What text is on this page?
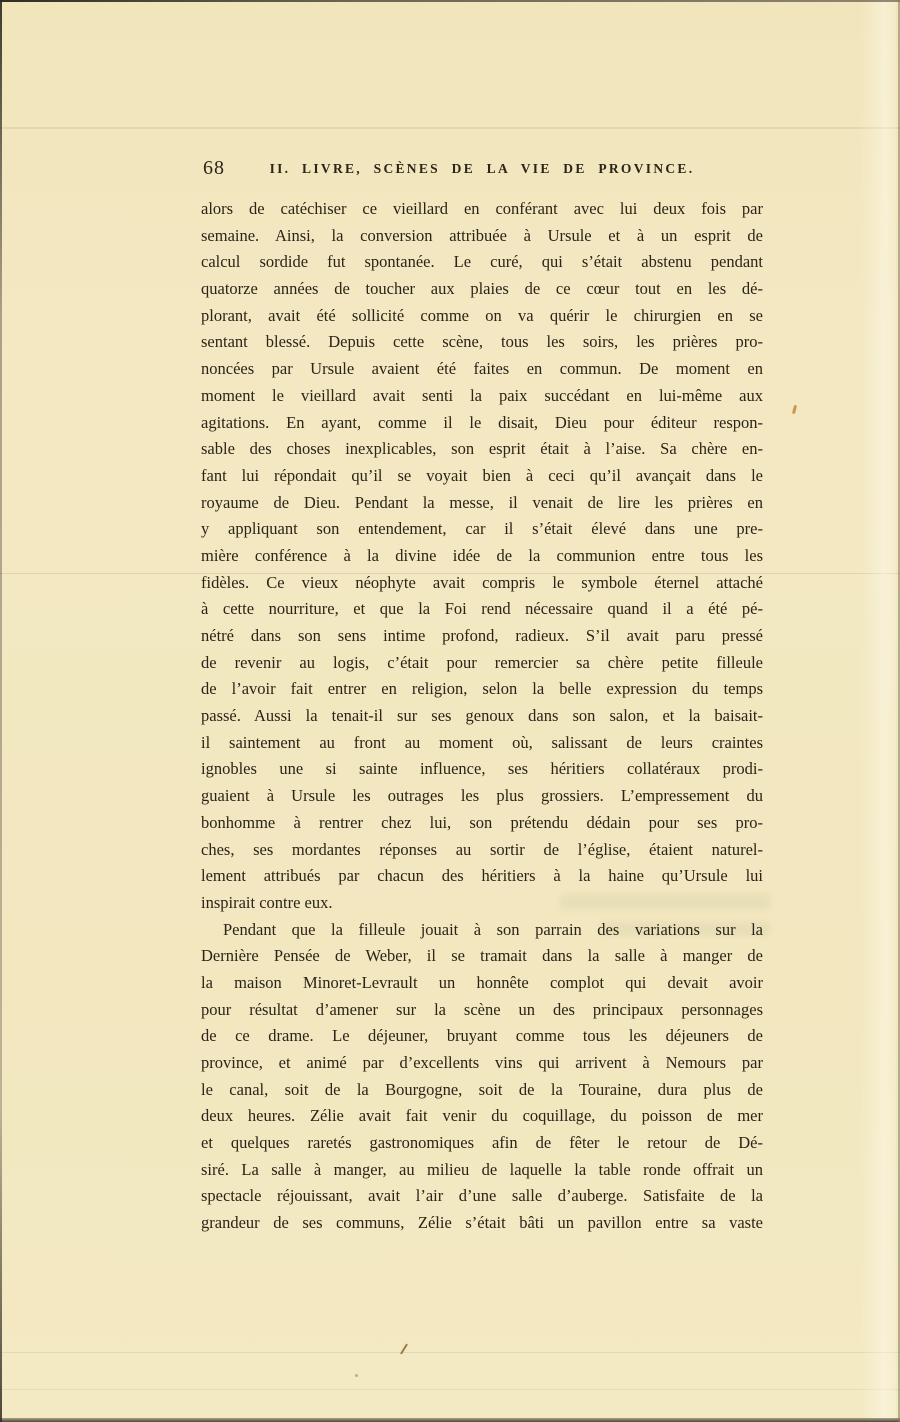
68	II. LIVRE, SCÈNES DE LA VIE DE PROVINCE.
alors de catéchiser ce vieillard en conférant avec lui deux fois par
semaine. Ainsi, la conversion attribuée à Ursule et à un esprit de
calcul sordide fut spontanée. Le curé, qui s’était abstenu pendant
quatorze années de toucher aux plaies de ce cœur tout en les dé-
plorant, avait été sollicité comme on va quérir le chirurgien en se
sentant blessé. Depuis cette scène, tous les soirs, les prières pro-
noncées par Ursule avaient été faites en commun. De moment en
moment le vieillard avait senti la paix succédant en lui-même aux
agitations. En ayant, comme il le disait, Dieu pour éditeur respon-
sable des choses inexplicables, son esprit était à l’aise. Sa chère en-
fant lui répondait qu’il se voyait bien à ceci qu’il avançait dans le
royaume de Dieu. Pendant la messe, il venait de lire les prières en
y appliquant son entendement, car il s’était élevé dans une pre-
mière conférence à la divine idée de la communion entre tous les
fidèles. Ce vieux néophyte avait compris le symbole éternel attaché
à cette nourriture, et que la Foi rend nécessaire quand il a été pé-
nétré dans son sens intime profond, radieux. S’il avait paru pressé
de revenir au logis, c’était pour remercier sa chère petite filleule
de l’avoir fait entrer en religion, selon la belle expression du temps
passé. Aussi la tenait-il sur ses genoux dans son salon, et la baisait-
il saintement au front au moment où, salissant de leurs craintes
ignobles une si sainte influence, ses héritiers collatéraux prodi-
guaient à Ursule les outrages les plus grossiers. L’empressement du
bonhomme à rentrer chez lui, son prétendu dédain pour ses pro-
ches, ses mordantes réponses au sortir de l’église, étaient naturel-
lement attribués par chacun des héritiers à la haine qu’Ursule lui
inspirait contre eux.
Pendant que la filleule jouait à son parrain des variations sur la
Dernière Pensée de Weber, il se tramait dans la salle à manger de
la maison Minoret-Levrault un honnête complot qui devait avoir
pour résultat d’amener sur la scène un des principaux personnages
de ce drame. Le déjeuner, bruyant comme tous les déjeuners de
province, et animé par d’excellents vins qui arrivent à Nemours par
le canal, soit de la Bourgogne, soit de la Touraine, dura plus de
deux heures. Zélie avait fait venir du coquillage, du poisson de mer
et quelques raretés gastronomiques afin de fêter le retour de Dé-
siré. La salle à manger, au milieu de laquelle la table ronde offrait un
spectacle réjouissant, avait l’air d’une salle d’auberge. Satisfaite de la
grandeur de ses communs, Zélie s’était bâti un pavillon entre sa vaste
